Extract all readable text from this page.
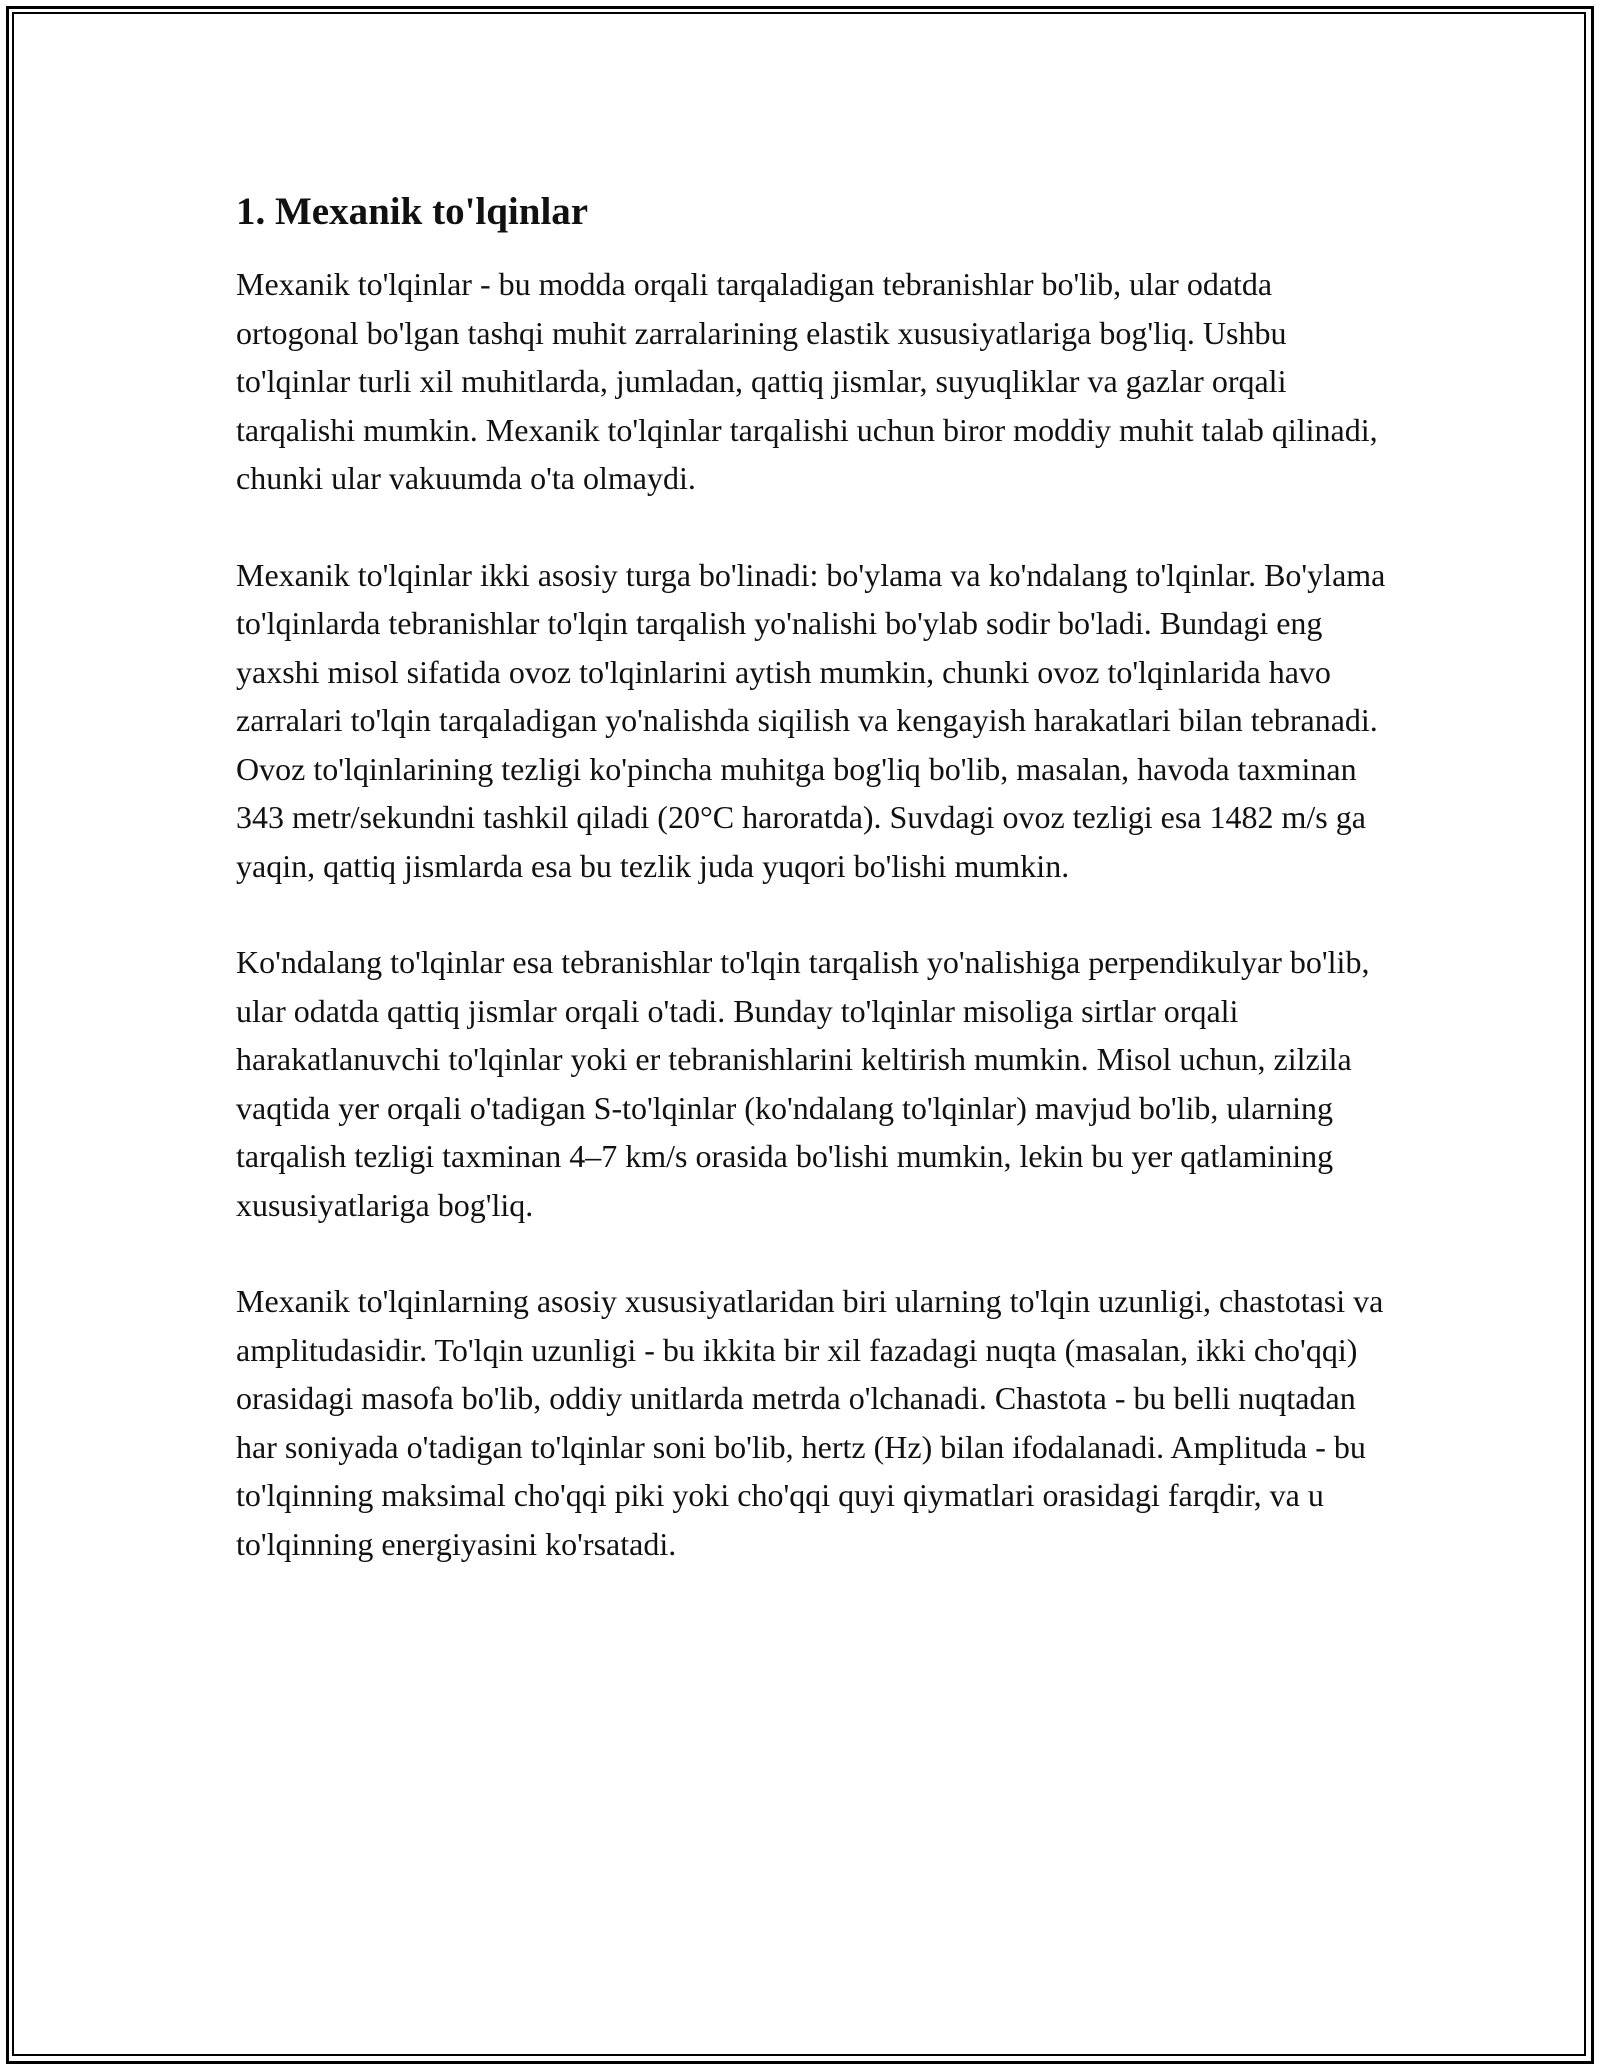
1. Mexanik to'lqinlar

Mexanik to'lqinlar - bu modda orqali tarqaladigan tebranishlar bo'lib, ular odatda ortogonal bo'lgan tashqi muhit zarralarining elastik xususiyatlariga bog'liq. Ushbu to'lqinlar turli xil muhitlarda, jumladan, qattiq jismlar, suyuqliklar va gazlar orqali tarqalishi mumkin. Mexanik to'lqinlar tarqalishi uchun biror moddiy muhit talab qilinadi, chunki ular vakuumda o'ta olmaydi.

Mexanik to'lqinlar ikki asosiy turga bo'linadi: bo'ylama va ko'ndalang to'lqinlar. Bo'ylama to'lqinlarda tebranishlar to'lqin tarqalish yo'nalishi bo'ylab sodir bo'ladi. Bundagi eng yaxshi misol sifatida ovoz to'lqinlarini aytish mumkin, chunki ovoz to'lqinlarida havo zarralari to'lqin tarqaladigan yo'nalishda siqilish va kengayish harakatlari bilan tebranadi. Ovoz to'lqinlarining tezligi ko'pincha muhitga bog'liq bo'lib, masalan, havoda taxminan 343 metr/sekundni tashkil qiladi (20°C haroratda). Suvdagi ovoz tezligi esa 1482 m/s ga yaqin, qattiq jismlarda esa bu tezlik juda yuqori bo'lishi mumkin.

Ko'ndalang to'lqinlar esa tebranishlar to'lqin tarqalish yo'nalishiga perpendikulyar bo'lib, ular odatda qattiq jismlar orqali o'tadi. Bunday to'lqinlar misoliga sirtlar orqali harakatlanuvchi to'lqinlar yoki er tebranishlarini keltirish mumkin. Misol uchun, zilzila vaqtida yer orqali o'tadigan S-to'lqinlar (ko'ndalang to'lqinlar) mavjud bo'lib, ularning tarqalish tezligi taxminan 4–7 km/s orasida bo'lishi mumkin, lekin bu yer qatlamining xususiyatlariga bog'liq.

Mexanik to'lqinlarning asosiy xususiyatlaridan biri ularning to'lqin uzunligi, chastotasi va amplitudasidir. To'lqin uzunligi - bu ikkita bir xil fazadagi nuqta (masalan, ikki cho'qqi) orasidagi masofa bo'lib, oddiy unitlarda metrda o'lchanadi. Chastota - bu belli nuqtadan har soniyada o'tadigan to'lqinlar soni bo'lib, hertz (Hz) bilan ifodalanadi. Amplituda - bu to'lqinning maksimal cho'qqi piki yoki cho'qqi quyi qiymatlari orasidagi farqdir, va u to'lqinning energiyasini ko'rsatadi.
